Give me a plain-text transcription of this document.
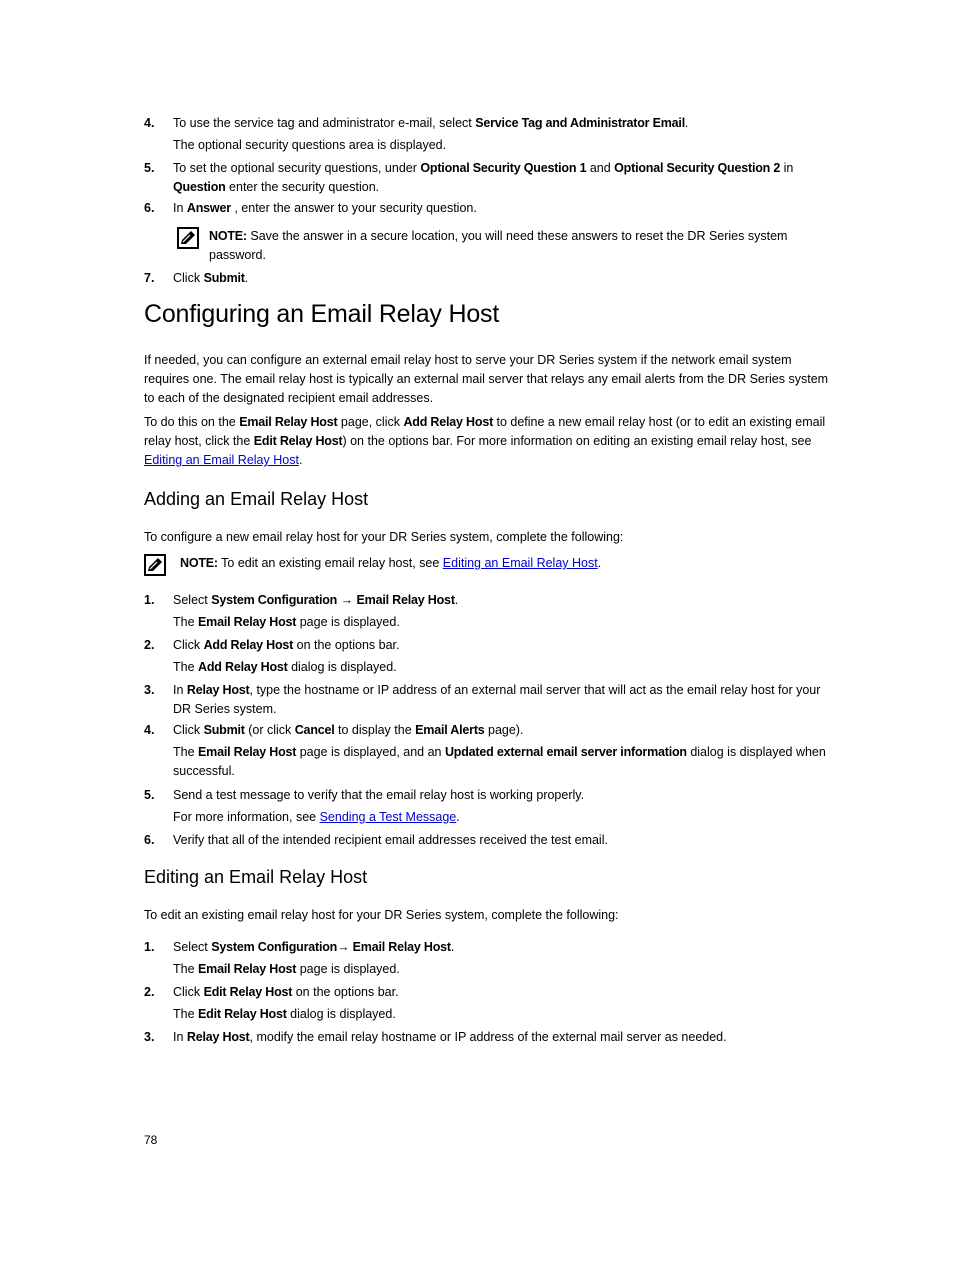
4. To use the service tag and administrator e-mail, select Service Tag and Administrator Email.
The optional security questions area is displayed.
5. To set the optional security questions, under Optional Security Question 1 and Optional Security Question 2 in Question enter the security question.
6. In Answer , enter the answer to your security question.
NOTE: Save the answer in a secure location, you will need these answers to reset the DR Series system password.
7. Click Submit.
Configuring an Email Relay Host
If needed, you can configure an external email relay host to serve your DR Series system if the network email system requires one. The email relay host is typically an external mail server that relays any email alerts from the DR Series system to each of the designated recipient email addresses.
To do this on the Email Relay Host page, click Add Relay Host to define a new email relay host (or to edit an existing email relay host, click the Edit Relay Host) on the options bar. For more information on editing an existing email relay host, see Editing an Email Relay Host.
Adding an Email Relay Host
To configure a new email relay host for your DR Series system, complete the following:
NOTE: To edit an existing email relay host, see Editing an Email Relay Host.
1. Select System Configuration → Email Relay Host.
The Email Relay Host page is displayed.
2. Click Add Relay Host on the options bar.
The Add Relay Host dialog is displayed.
3. In Relay Host, type the hostname or IP address of an external mail server that will act as the email relay host for your DR Series system.
4. Click Submit (or click Cancel to display the Email Alerts page).
The Email Relay Host page is displayed, and an Updated external email server information dialog is displayed when successful.
5. Send a test message to verify that the email relay host is working properly.
For more information, see Sending a Test Message.
6. Verify that all of the intended recipient email addresses received the test email.
Editing an Email Relay Host
To edit an existing email relay host for your DR Series system, complete the following:
1. Select System Configuration→ Email Relay Host.
The Email Relay Host page is displayed.
2. Click Edit Relay Host on the options bar.
The Edit Relay Host dialog is displayed.
3. In Relay Host, modify the email relay hostname or IP address of the external mail server as needed.
78
